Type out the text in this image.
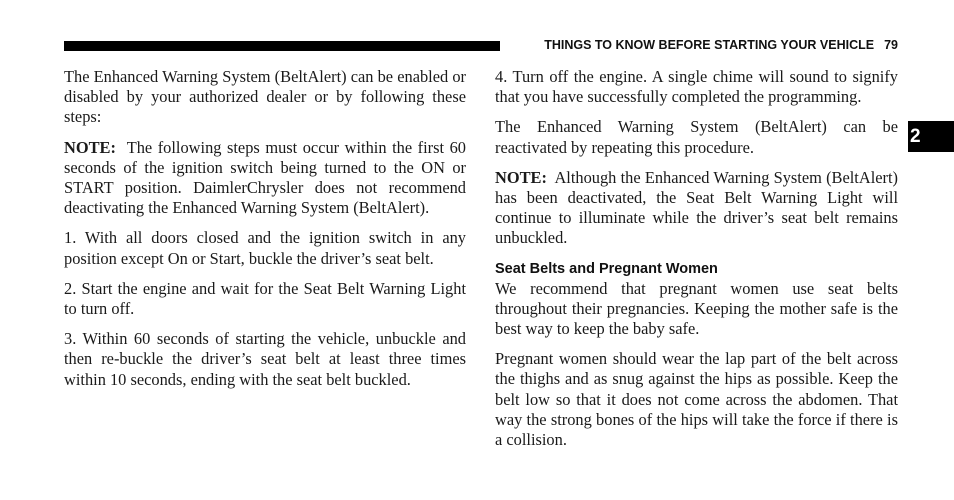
THINGS TO KNOW BEFORE STARTING YOUR VEHICLE 79
2

The Enhanced Warning System (BeltAlert) can be enabled or disabled by your authorized dealer or by following these steps:

NOTE: The following steps must occur within the first 60 seconds of the ignition switch being turned to the ON or START position. DaimlerChrysler does not recommend deactivating the Enhanced Warning System (BeltAlert).

1. With all doors closed and the ignition switch in any position except On or Start, buckle the driver’s seat belt.

2. Start the engine and wait for the Seat Belt Warning Light to turn off.

3. Within 60 seconds of starting the vehicle, unbuckle and then re-buckle the driver’s seat belt at least three times within 10 seconds, ending with the seat belt buckled.

4. Turn off the engine. A single chime will sound to signify that you have successfully completed the programming.

The Enhanced Warning System (BeltAlert) can be reactivated by repeating this procedure.

NOTE: Although the Enhanced Warning System (BeltAlert) has been deactivated, the Seat Belt Warning Light will continue to illuminate while the driver’s seat belt remains unbuckled.

Seat Belts and Pregnant Women

We recommend that pregnant women use seat belts throughout their pregnancies. Keeping the mother safe is the best way to keep the baby safe.

Pregnant women should wear the lap part of the belt across the thighs and as snug against the hips as possible. Keep the belt low so that it does not come across the abdomen. That way the strong bones of the hips will take the force if there is a collision.
